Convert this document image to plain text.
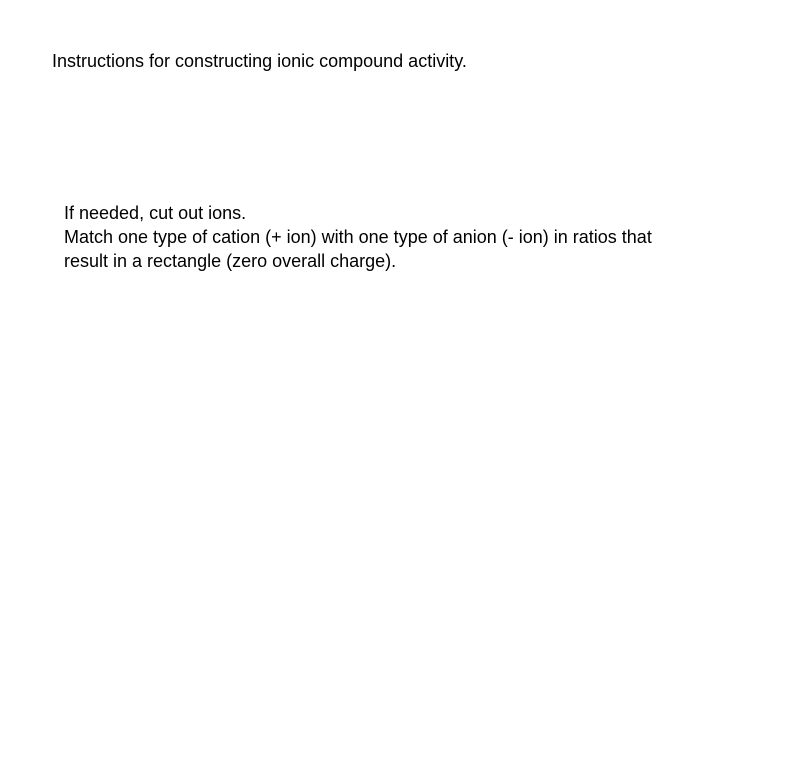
Instructions for constructing ionic compound activity.
If needed, cut out ions.
Match one type of cation (+ ion) with one type of anion (- ion) in ratios that
result in a rectangle (zero overall charge).
